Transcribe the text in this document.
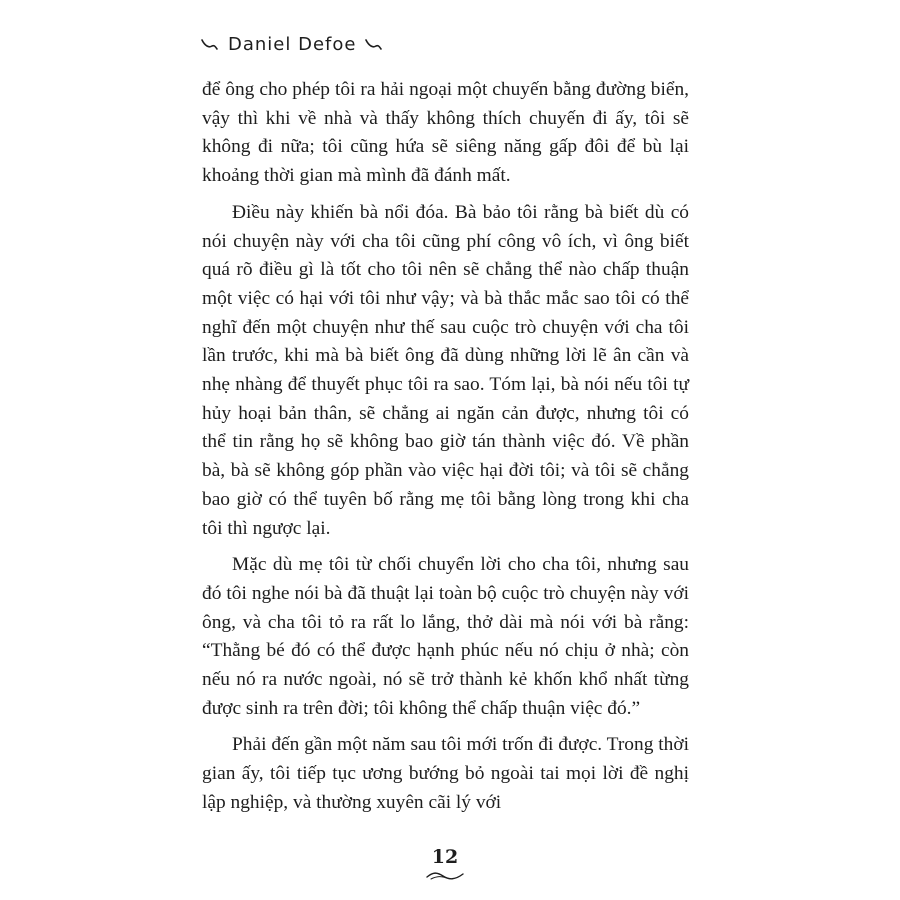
Daniel Defoe

để ông cho phép tôi ra hải ngoại một chuyến bằng đường biển, vậy thì khi về nhà và thấy không thích chuyến đi ấy, tôi sẽ không đi nữa; tôi cũng hứa sẽ siêng năng gấp đôi để bù lại khoảng thời gian mà mình đã đánh mất.

Điều này khiến bà nổi đóa. Bà bảo tôi rằng bà biết dù có nói chuyện này với cha tôi cũng phí công vô ích, vì ông biết quá rõ điều gì là tốt cho tôi nên sẽ chẳng thể nào chấp thuận một việc có hại với tôi như vậy; và bà thắc mắc sao tôi có thể nghĩ đến một chuyện như thế sau cuộc trò chuyện với cha tôi lần trước, khi mà bà biết ông đã dùng những lời lẽ ân cần và nhẹ nhàng để thuyết phục tôi ra sao. Tóm lại, bà nói nếu tôi tự hủy hoại bản thân, sẽ chẳng ai ngăn cản được, nhưng tôi có thể tin rằng họ sẽ không bao giờ tán thành việc đó. Về phần bà, bà sẽ không góp phần vào việc hại đời tôi; và tôi sẽ chẳng bao giờ có thể tuyên bố rằng mẹ tôi bằng lòng trong khi cha tôi thì ngược lại.

Mặc dù mẹ tôi từ chối chuyển lời cho cha tôi, nhưng sau đó tôi nghe nói bà đã thuật lại toàn bộ cuộc trò chuyện này với ông, và cha tôi tỏ ra rất lo lắng, thở dài mà nói với bà rằng: “Thằng bé đó có thể được hạnh phúc nếu nó chịu ở nhà; còn nếu nó ra nước ngoài, nó sẽ trở thành kẻ khốn khổ nhất từng được sinh ra trên đời; tôi không thể chấp thuận việc đó.”

Phải đến gần một năm sau tôi mới trốn đi được. Trong thời gian ấy, tôi tiếp tục ương bướng bỏ ngoài tai mọi lời đề nghị lập nghiệp, và thường xuyên cãi lý với

12
